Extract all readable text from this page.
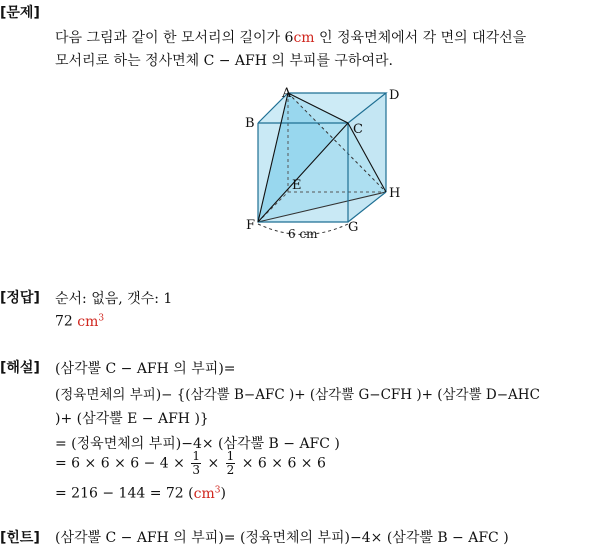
[문제]
다음 그림과 같이 한 모서리의 길이가 6cm 인 정육면체에서 각 면의 대각선을
모서리로 하는 정사면체 C − AFH 의 부피를 구하여라.
A
B	C
D
E
F	G
H
6 cm
[정답] 순서: 없음, 갯수: 1
72 $cm^3$
[해설] (삼각뿔 C − AFH 의 부피)=
(정육면체의 부피)− {(삼각뿔 B−AFC )+ (삼각뿔 G−CFH )+ (삼각뿔 D−AHC
)+ (삼각뿔 E − AFH )}
= (정육면체의 부피)−4× (삼각뿔 B − AFC )
= $6 \times 6 \times 6 - 4 \times \frac{1}{3} \times \frac{1}{2} \times 6 \times 6 \times 6$
= 216 − 144 = 72 $(cm^3)$
[힌트] (삼각뿔 C − AFH 의 부피)= (정육면체의 부피)−4× (삼각뿔 B − AFC )
